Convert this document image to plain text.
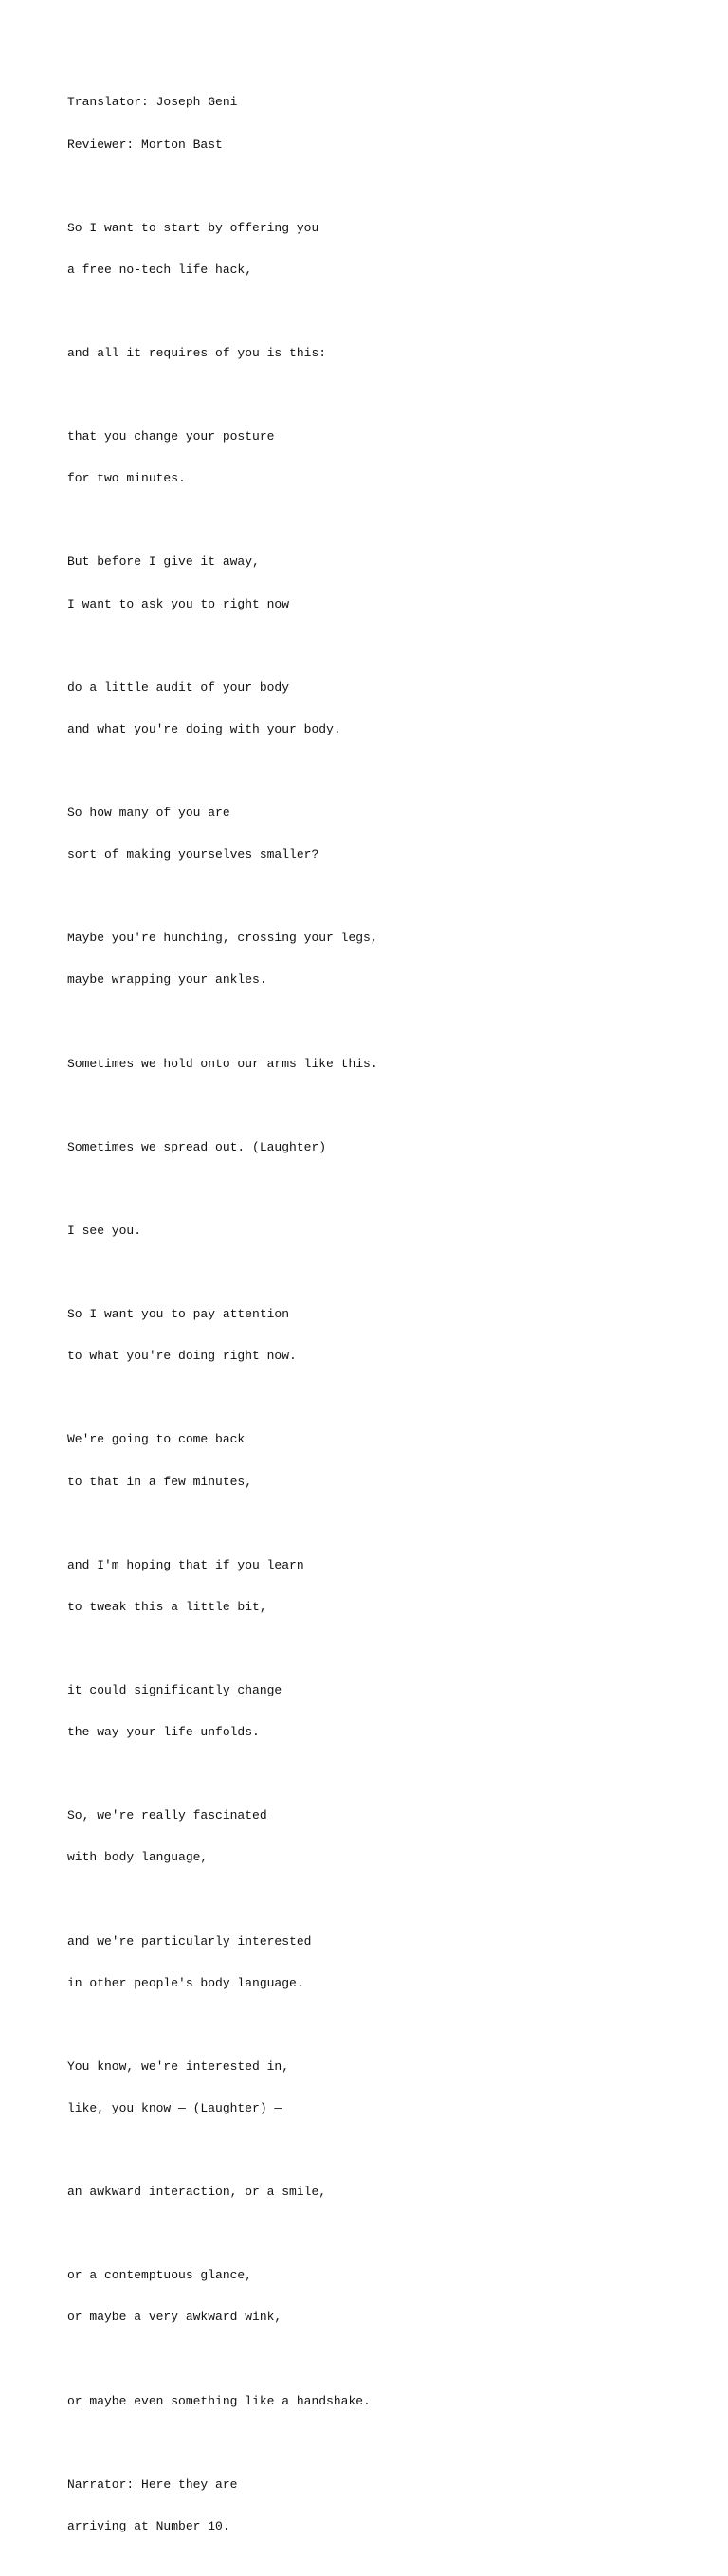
Translator: Joseph Geni

Reviewer: Morton Bast

So I want to start by offering you

a free no-tech life hack,

and all it requires of you is this:

that you change your posture

for two minutes.

But before I give it away,

I want to ask you to right now

do a little audit of your body

and what you're doing with your body.

So how many of you are

sort of making yourselves smaller?

Maybe you're hunching, crossing your legs,

maybe wrapping your ankles.

Sometimes we hold onto our arms like this.

Sometimes we spread out. (Laughter)

I see you.

So I want you to pay attention

to what you're doing right now.

We're going to come back

to that in a few minutes,

and I'm hoping that if you learn

to tweak this a little bit,

it could significantly change

the way your life unfolds.

So, we're really fascinated

with body language,

and we're particularly interested

in other people's body language.

You know, we're interested in,

like, you know — (Laughter) —

an awkward interaction, or a smile,

or a contemptuous glance,

or maybe a very awkward wink,

or maybe even something like a handshake.

Narrator: Here they are

arriving at Number 10.
